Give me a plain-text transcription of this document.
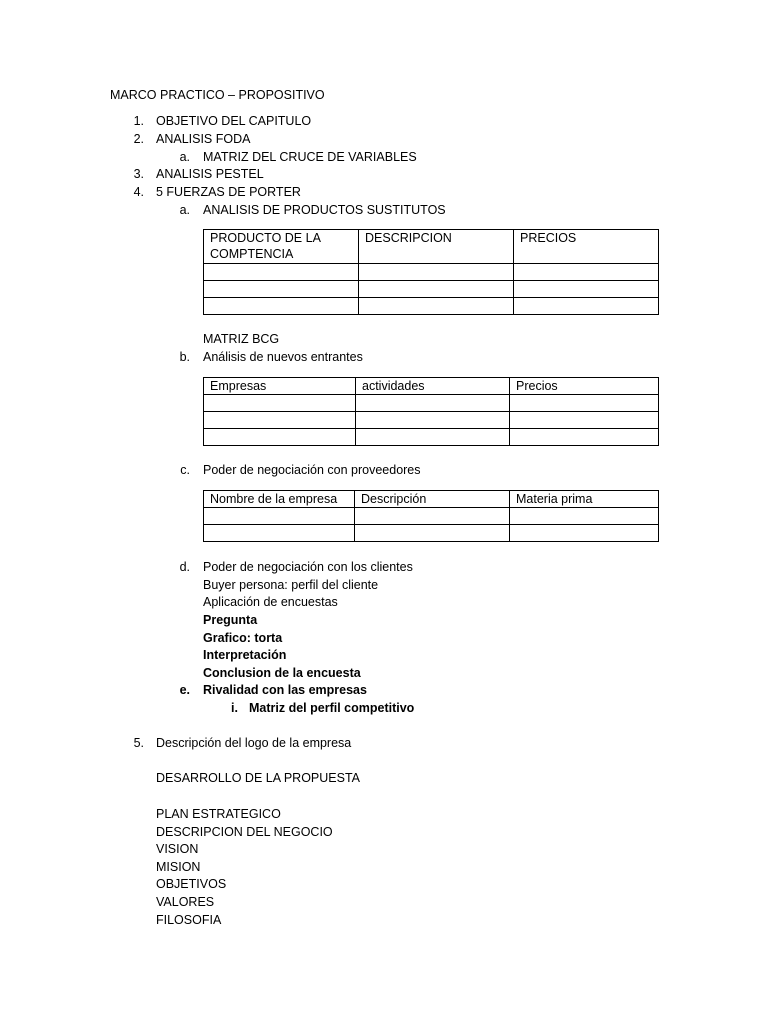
MARCO PRACTICO – PROPOSITIVO
1. OBJETIVO DEL CAPITULO
2. ANALISIS FODA
a. MATRIZ DEL CRUCE DE VARIABLES
3. ANALISIS PESTEL
4. 5 FUERZAS DE PORTER
a. ANALISIS DE PRODUCTOS SUSTITUTOS
PRODUCTO DE LA COMPTENCIA	DESCRIPCION	PRECIOS

MATRIZ BCG
b. Análisis de nuevos entrantes
Empresas	actividades	Precios

c. Poder de negociación con proveedores
Nombre de la empresa	Descripción	Materia prima

d. Poder de negociación con los clientes
Buyer persona: perfil del cliente
Aplicación de encuestas
Pregunta
Grafico: torta
Interpretación
Conclusion de la encuesta
e. Rivalidad con las empresas
i. Matriz del perfil competitivo
5. Descripción del logo de la empresa
DESARROLLO DE LA PROPUESTA
PLAN ESTRATEGICO
DESCRIPCION DEL NEGOCIO
VISION
MISION
OBJETIVOS
VALORES
FILOSOFIA
